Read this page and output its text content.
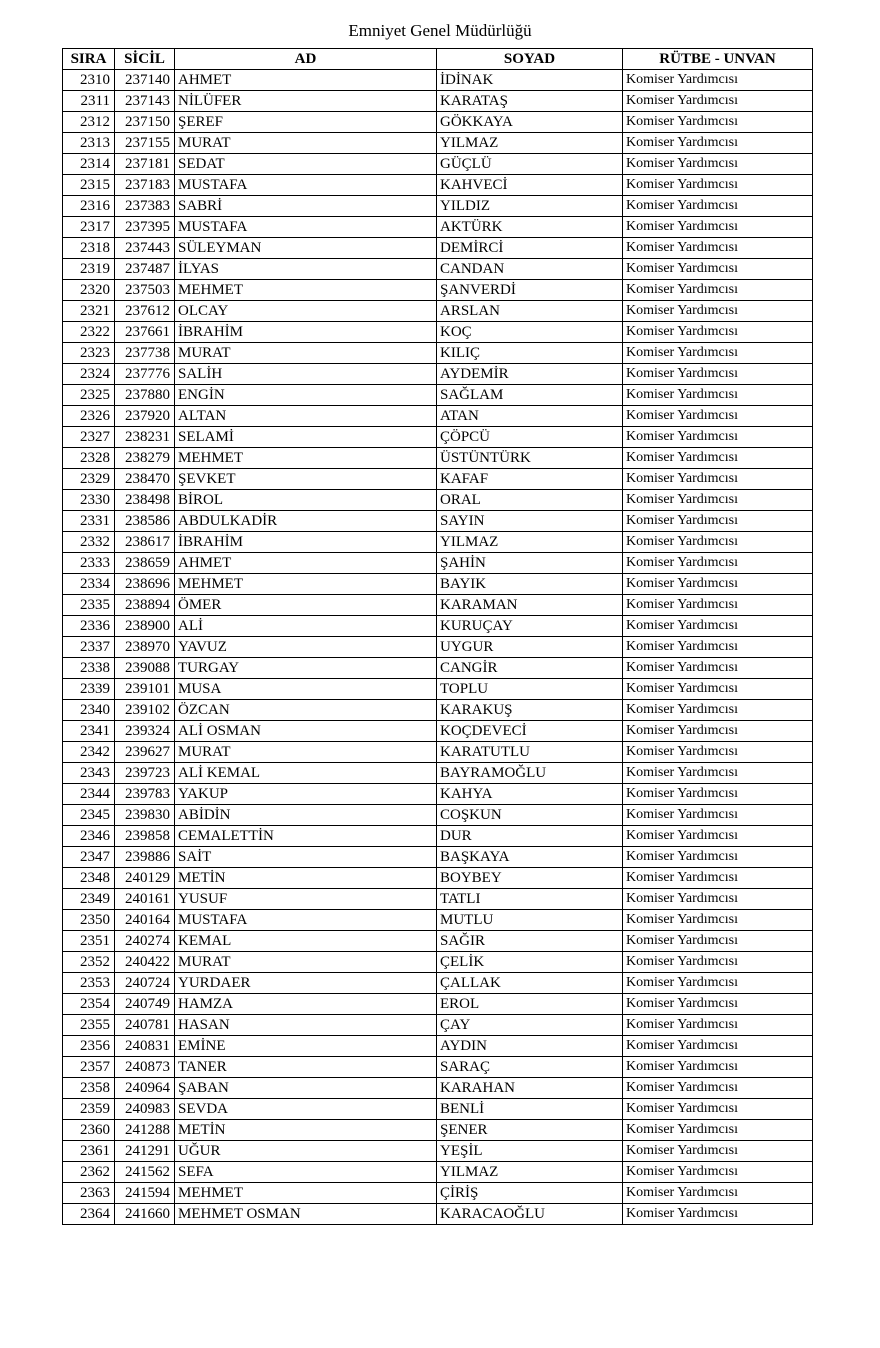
Emniyet Genel Müdürlüğü
SIRA	SİCİL	AD	SOYAD	RÜTBE - UNVAN
2310	237140	AHMET	İDİNAK	Komiser Yardımcısı
2311	237143	NİLÜFER	KARATAŞ	Komiser Yardımcısı
2312	237150	ŞEREF	GÖKKAYA	Komiser Yardımcısı
2313	237155	MURAT	YILMAZ	Komiser Yardımcısı
2314	237181	SEDAT	GÜÇLÜ	Komiser Yardımcısı
2315	237183	MUSTAFA	KAHVECİ	Komiser Yardımcısı
2316	237383	SABRİ	YILDIZ	Komiser Yardımcısı
2317	237395	MUSTAFA	AKTÜRK	Komiser Yardımcısı
2318	237443	SÜLEYMAN	DEMİRCİ	Komiser Yardımcısı
2319	237487	İLYAS	CANDAN	Komiser Yardımcısı
2320	237503	MEHMET	ŞANVERDİ	Komiser Yardımcısı
2321	237612	OLCAY	ARSLAN	Komiser Yardımcısı
2322	237661	İBRAHİM	KOÇ	Komiser Yardımcısı
2323	237738	MURAT	KILIÇ	Komiser Yardımcısı
2324	237776	SALİH	AYDEMİR	Komiser Yardımcısı
2325	237880	ENGİN	SAĞLAM	Komiser Yardımcısı
2326	237920	ALTAN	ATAN	Komiser Yardımcısı
2327	238231	SELAMİ	ÇÖPCÜ	Komiser Yardımcısı
2328	238279	MEHMET	ÜSTÜNTÜRK	Komiser Yardımcısı
2329	238470	ŞEVKET	KAFAF	Komiser Yardımcısı
2330	238498	BİROL	ORAL	Komiser Yardımcısı
2331	238586	ABDULKADİR	SAYIN	Komiser Yardımcısı
2332	238617	İBRAHİM	YILMAZ	Komiser Yardımcısı
2333	238659	AHMET	ŞAHİN	Komiser Yardımcısı
2334	238696	MEHMET	BAYIK	Komiser Yardımcısı
2335	238894	ÖMER	KARAMAN	Komiser Yardımcısı
2336	238900	ALİ	KURUÇAY	Komiser Yardımcısı
2337	238970	YAVUZ	UYGUR	Komiser Yardımcısı
2338	239088	TURGAY	CANGİR	Komiser Yardımcısı
2339	239101	MUSA	TOPLU	Komiser Yardımcısı
2340	239102	ÖZCAN	KARAKUŞ	Komiser Yardımcısı
2341	239324	ALİ OSMAN	KOÇDEVECİ	Komiser Yardımcısı
2342	239627	MURAT	KARATUTLU	Komiser Yardımcısı
2343	239723	ALİ KEMAL	BAYRAMOĞLU	Komiser Yardımcısı
2344	239783	YAKUP	KAHYA	Komiser Yardımcısı
2345	239830	ABİDİN	COŞKUN	Komiser Yardımcısı
2346	239858	CEMALETTİN	DUR	Komiser Yardımcısı
2347	239886	SAİT	BAŞKAYA	Komiser Yardımcısı
2348	240129	METİN	BOYBEY	Komiser Yardımcısı
2349	240161	YUSUF	TATLI	Komiser Yardımcısı
2350	240164	MUSTAFA	MUTLU	Komiser Yardımcısı
2351	240274	KEMAL	SAĞIR	Komiser Yardımcısı
2352	240422	MURAT	ÇELİK	Komiser Yardımcısı
2353	240724	YURDAER	ÇALLAK	Komiser Yardımcısı
2354	240749	HAMZA	EROL	Komiser Yardımcısı
2355	240781	HASAN	ÇAY	Komiser Yardımcısı
2356	240831	EMİNE	AYDIN	Komiser Yardımcısı
2357	240873	TANER	SARAÇ	Komiser Yardımcısı
2358	240964	ŞABAN	KARAHAN	Komiser Yardımcısı
2359	240983	SEVDA	BENLİ	Komiser Yardımcısı
2360	241288	METİN	ŞENER	Komiser Yardımcısı
2361	241291	UĞUR	YEŞİL	Komiser Yardımcısı
2362	241562	SEFA	YILMAZ	Komiser Yardımcısı
2363	241594	MEHMET	ÇİRİŞ	Komiser Yardımcısı
2364	241660	MEHMET OSMAN	KARACAOĞLU	Komiser Yardımcısı
